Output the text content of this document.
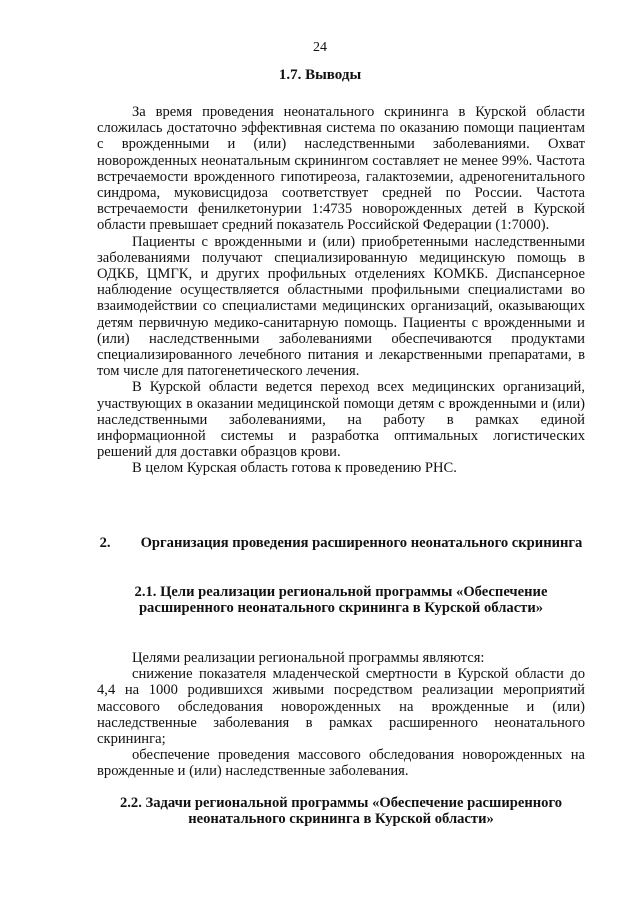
24
1.7. Выводы

За время проведения неонатального скрининга в Курской области сложилась достаточно эффективная система по оказанию помощи пациентам с врожденными и (или) наследственными заболеваниями. Охват новорожденных неонатальным скринингом составляет не менее 99%. Частота встречаемости врожденного гипотиреоза, галактоземии, адреногенитального синдрома, муковисцидоза соответствует средней по России. Частота встречаемости фенилкетонурии 1:4735 новорожденных детей в Курской области превышает средний показатель Российской Федерации (1:7000).

Пациенты с врожденными и (или) приобретенными наследственными заболеваниями получают специализированную медицинскую помощь в ОДКБ, ЦМГК, и других профильных отделениях КОМКБ. Диспансерное наблюдение осуществляется областными профильными специалистами во взаимодействии со специалистами медицинских организаций, оказывающих детям первичную медико-санитарную помощь. Пациенты с врожденными и (или) наследственными заболеваниями обеспечиваются продуктами специализированного лечебного питания и лекарственными препаратами, в том числе для патогенетического лечения.

В Курской области ведется переход всех медицинских организаций, участвующих в оказании медицинской помощи детям с врожденными и (или) наследственными заболеваниями, на работу в рамках единой информационной системы и разработка оптимальных логистических решений для доставки образцов крови.

В целом Курская область готова к проведению РНС.

2. Организация проведения расширенного неонатального скрининга
2.1. Цели реализации региональной программы «Обеспечение расширенного неонатального скрининга в Курской области»

Целями реализации региональной программы являются:

снижение показателя младенческой смертности в Курской области до 4,4 на 1000 родившихся живыми посредством реализации мероприятий массового обследования новорожденных на врожденные и (или) наследственные заболевания в рамках расширенного неонатального скрининга;

обеспечение проведения массового обследования новорожденных на врожденные и (или) наследственные заболевания.

2.2. Задачи региональной программы «Обеспечение расширенного неонатального скрининга в Курской области»
